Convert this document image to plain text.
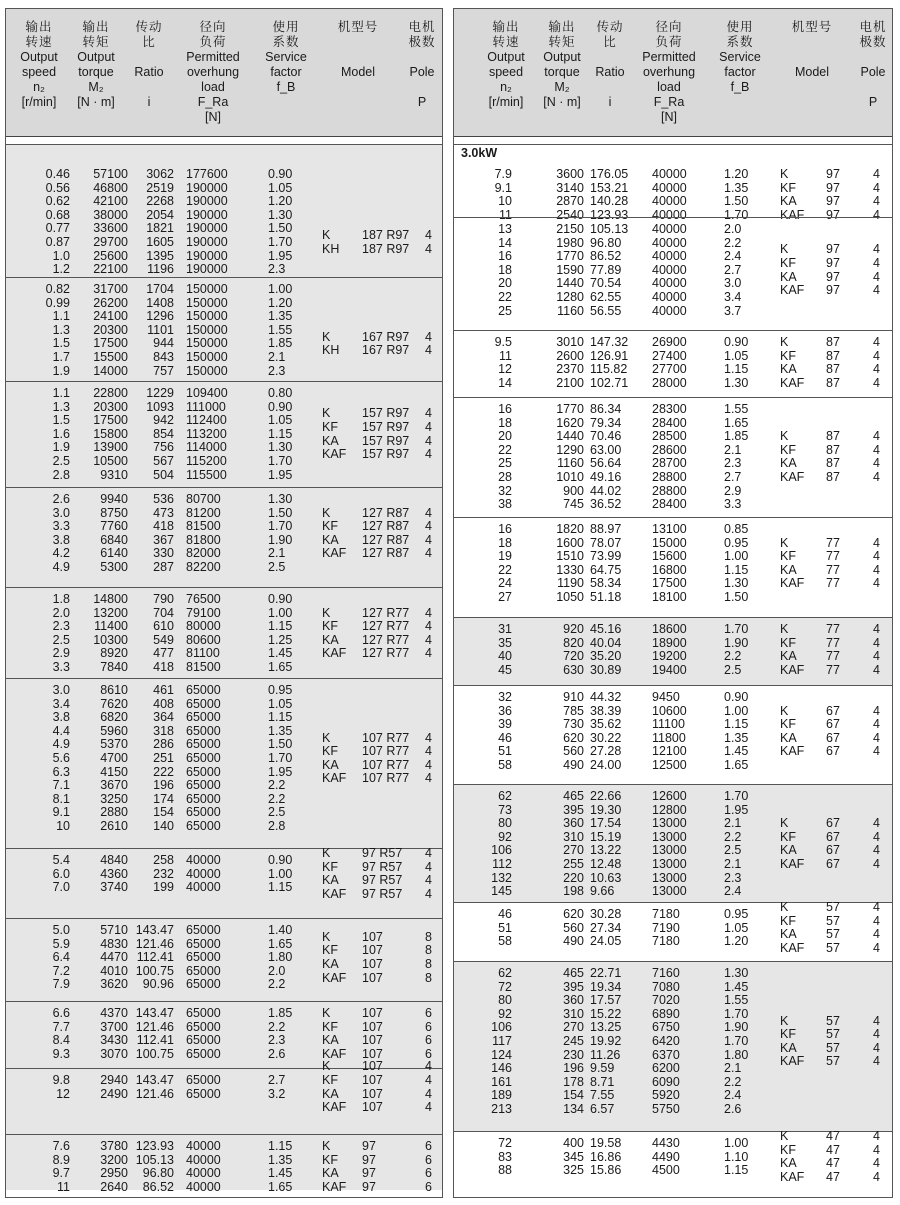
输出
转速
Output
speed
n₂
[r/min]
输出
转矩
Output
torque
M₂
[N · m]
传动
比

Ratio

i
径向
负荷
Permitted
overhung
load
F_Ra
[N]
使用
系数
Service
factor
f_B
机型号

Model
电机
极数

Pole

P
0.46	57100	3062 177600	0.90
0.56	46800	2519 190000	1.05
0.62	42100	2268 190000	1.20
0.68	38000	2054 190000	1.30
0.77	33600	1821 190000	1.50
0.87	29700	1605 190000	1.70
1.0	25600	1395 190000	1.95
1.2	22100	1196 190000	2.3
K	187 R97	4
KH	187 R97	4
0.82	31700	1704 150000	1.00
0.99	26200	1408 150000	1.20
1.1	24100	1296 150000	1.35
1.3	20300	1101 150000	1.55
1.5	17500	944 150000	1.85
1.7	15500	843 150000	2.1
1.9	14000	757 150000	2.3
K	167 R97	4
KH	167 R97	4
1.1	22800	1229 109400	0.80
1.3	20300	1093 111000	0.90
1.5	17500	942 112400	1.05
1.6	15800	854 113200	1.15
1.9	13900	756 114000	1.30
2.5	10500	567 115200	1.70
2.8	9310	504 115500	1.95
K	157 R97	4
KF	157 R97	4
KA	157 R97	4
KAF	157 R97	4
2.6	9940	536 80700	1.30
3.0	8750	473 81200	1.50
3.3	7760	418 81500	1.70
3.8	6840	367 81800	1.90
4.2	6140	330 82000	2.1
4.9	5300	287 82200	2.5
K	127 R87	4
KF	127 R87	4
KA	127 R87	4
KAF	127 R87	4
1.8	14800	790 76500	0.90
2.0	13200	704 79100	1.00
2.3	11400	610 80000	1.15
2.5	10300	549 80600	1.25
2.9	8920	477 81100	1.45
3.3	7840	418 81500	1.65
K	127 R77	4
KF	127 R77	4
KA	127 R77	4
KAF	127 R77	4
3.0	8610	461 65000	0.95
3.4	7620	408 65000	1.05
3.8	6820	364 65000	1.15
4.4	5960	318 65000	1.35
4.9	5370	286 65000	1.50
5.6	4700	251 65000	1.70
6.3	4150	222 65000	1.95
7.1	3670	196 65000	2.2
8.1	3250	174 65000	2.2
9.1	2880	154 65000	2.5
10	2610	140 65000	2.8
K	107 R77	4
KF	107 R77	4
KA	107 R77	4
KAF	107 R77	4
5.4	4840	258 40000	0.90
6.0	4360	232 40000	1.00
7.0	3740	199 40000	1.15
K	97 R57	4
KF	97 R57	4
KA	97 R57	4
KAF	97 R57	4
5.0	5710 143.47 65000	1.40
5.9	4830 121.46 65000	1.65
6.4	4470 112.41 65000	1.80
7.2	4010 100.75 65000	2.0
7.9	3620	90.96 65000	2.2
K	107	8
KF	107	8
KA	107	8
KAF	107	8
6.6	4370 143.47 65000	1.85
7.7	3700 121.46 65000	2.2
8.4	3430 112.41 65000	2.3
9.3	3070 100.75 65000	2.6
K	107	6
KF	107	6
KA	107	6
KAF	107	6
9.8	2940 143.47 65000	2.7
12	2490 121.46 65000	3.2
K	107	4
KF	107	4
KA	107	4
KAF	107	4
7.6	3780 123.93 40000	1.15
8.9	3200 105.13 40000	1.35
9.7	2950	96.80 40000	1.45
11	2640	86.52 40000	1.65
K	97	6
KF	97	6
KA	97	6
KAF	97	6
输出
转速
Output
speed
n₂
[r/min]
输出
转矩
Output
torque
M₂
[N · m]
传动
比

Ratio

i
径向
负荷
Permitted
overhung
load
F_Ra
[N]
使用
系数
Service
factor
f_B
机型号

Model
电机
极数

Pole

P
3.0kW
7.9	3600 176.05	40000	1.20
9.1	3140 153.21	40000	1.35
10	2870 140.28	40000	1.50
11	2540 123.93	40000	1.70
K	97	4
KF	97	4
KA	97	4
KAF	97	4
13	2150 105.13	40000	2.0
14	1980 96.80	40000	2.2
16	1770 86.52	40000	2.4
18	1590 77.89	40000	2.7
20	1440 70.54	40000	3.0
22	1280 62.55	40000	3.4
25	1160 56.55	40000	3.7
K	97	4
KF	97	4
KA	97	4
KAF	97	4
9.5	3010 147.32	26900	0.90
11	2600 126.91	27400	1.05
12	2370 115.82	27700	1.15
14	2100 102.71	28000	1.30
K	87	4
KF	87	4
KA	87	4
KAF	87	4
16	1770 86.34	28300	1.55
18	1620 79.34	28400	1.65
20	1440 70.46	28500	1.85
22	1290 63.00	28600	2.1
25	1160 56.64	28700	2.3
28	1010 49.16	28800	2.7
32	900 44.02	28800	2.9
38	745 36.52	28400	3.3
K	87	4
KF	87	4
KA	87	4
KAF	87	4
16	1820 88.97	13100	0.85
18	1600 78.07	15000	0.95
19	1510 73.99	15600	1.00
22	1330 64.75	16800	1.15
24	1190 58.34	17500	1.30
27	1050 51.18	18100	1.50
K	77	4
KF	77	4
KA	77	4
KAF	77	4
31	920 45.16	18600	1.70
35	820 40.04	18900	1.90
40	720 35.20	19200	2.2
45	630 30.89	19400	2.5
K	77	4
KF	77	4
KA	77	4
KAF	77	4
32	910 44.32	9450	0.90
36	785 38.39	10600	1.00
39	730 35.62	11100	1.15
46	620 30.22	11800	1.35
51	560 27.28	12100	1.45
58	490 24.00	12500	1.65
K	67	4
KF	67	4
KA	67	4
KAF	67	4
62	465 22.66	12600	1.70
73	395 19.30	12800	1.95
80	360 17.54	13000	2.1
92	310 15.19	13000	2.2
106	270 13.22	13000	2.5
112	255 12.48	13000	2.1
132	220 10.63	13000	2.3
145	198 9.66	13000	2.4
K	67	4
KF	67	4
KA	67	4
KAF	67	4
46	620 30.28	7180	0.95
51	560 27.34	7190	1.05
58	490 24.05	7180	1.20
K	57	4
KF	57	4
KA	57	4
KAF	57	4
62	465 22.71	7160	1.30
72	395 19.34	7080	1.45
80	360 17.57	7020	1.55
92	310 15.22	6890	1.70
106	270 13.25	6750	1.90
117	245 19.92	6420	1.70
124	230 11.26	6370	1.80
146	196 9.59	6200	2.1
161	178 8.71	6090	2.2
189	154 7.55	5920	2.4
213	134 6.57	5750	2.6
K	57	4
KF	57	4
KA	57	4
KAF	57	4
72	400 19.58	4430	1.00
83	345 16.86	4490	1.10
88	325 15.86	4500	1.15
K	47	4
KF	47	4
KA	47	4
KAF	47	4
